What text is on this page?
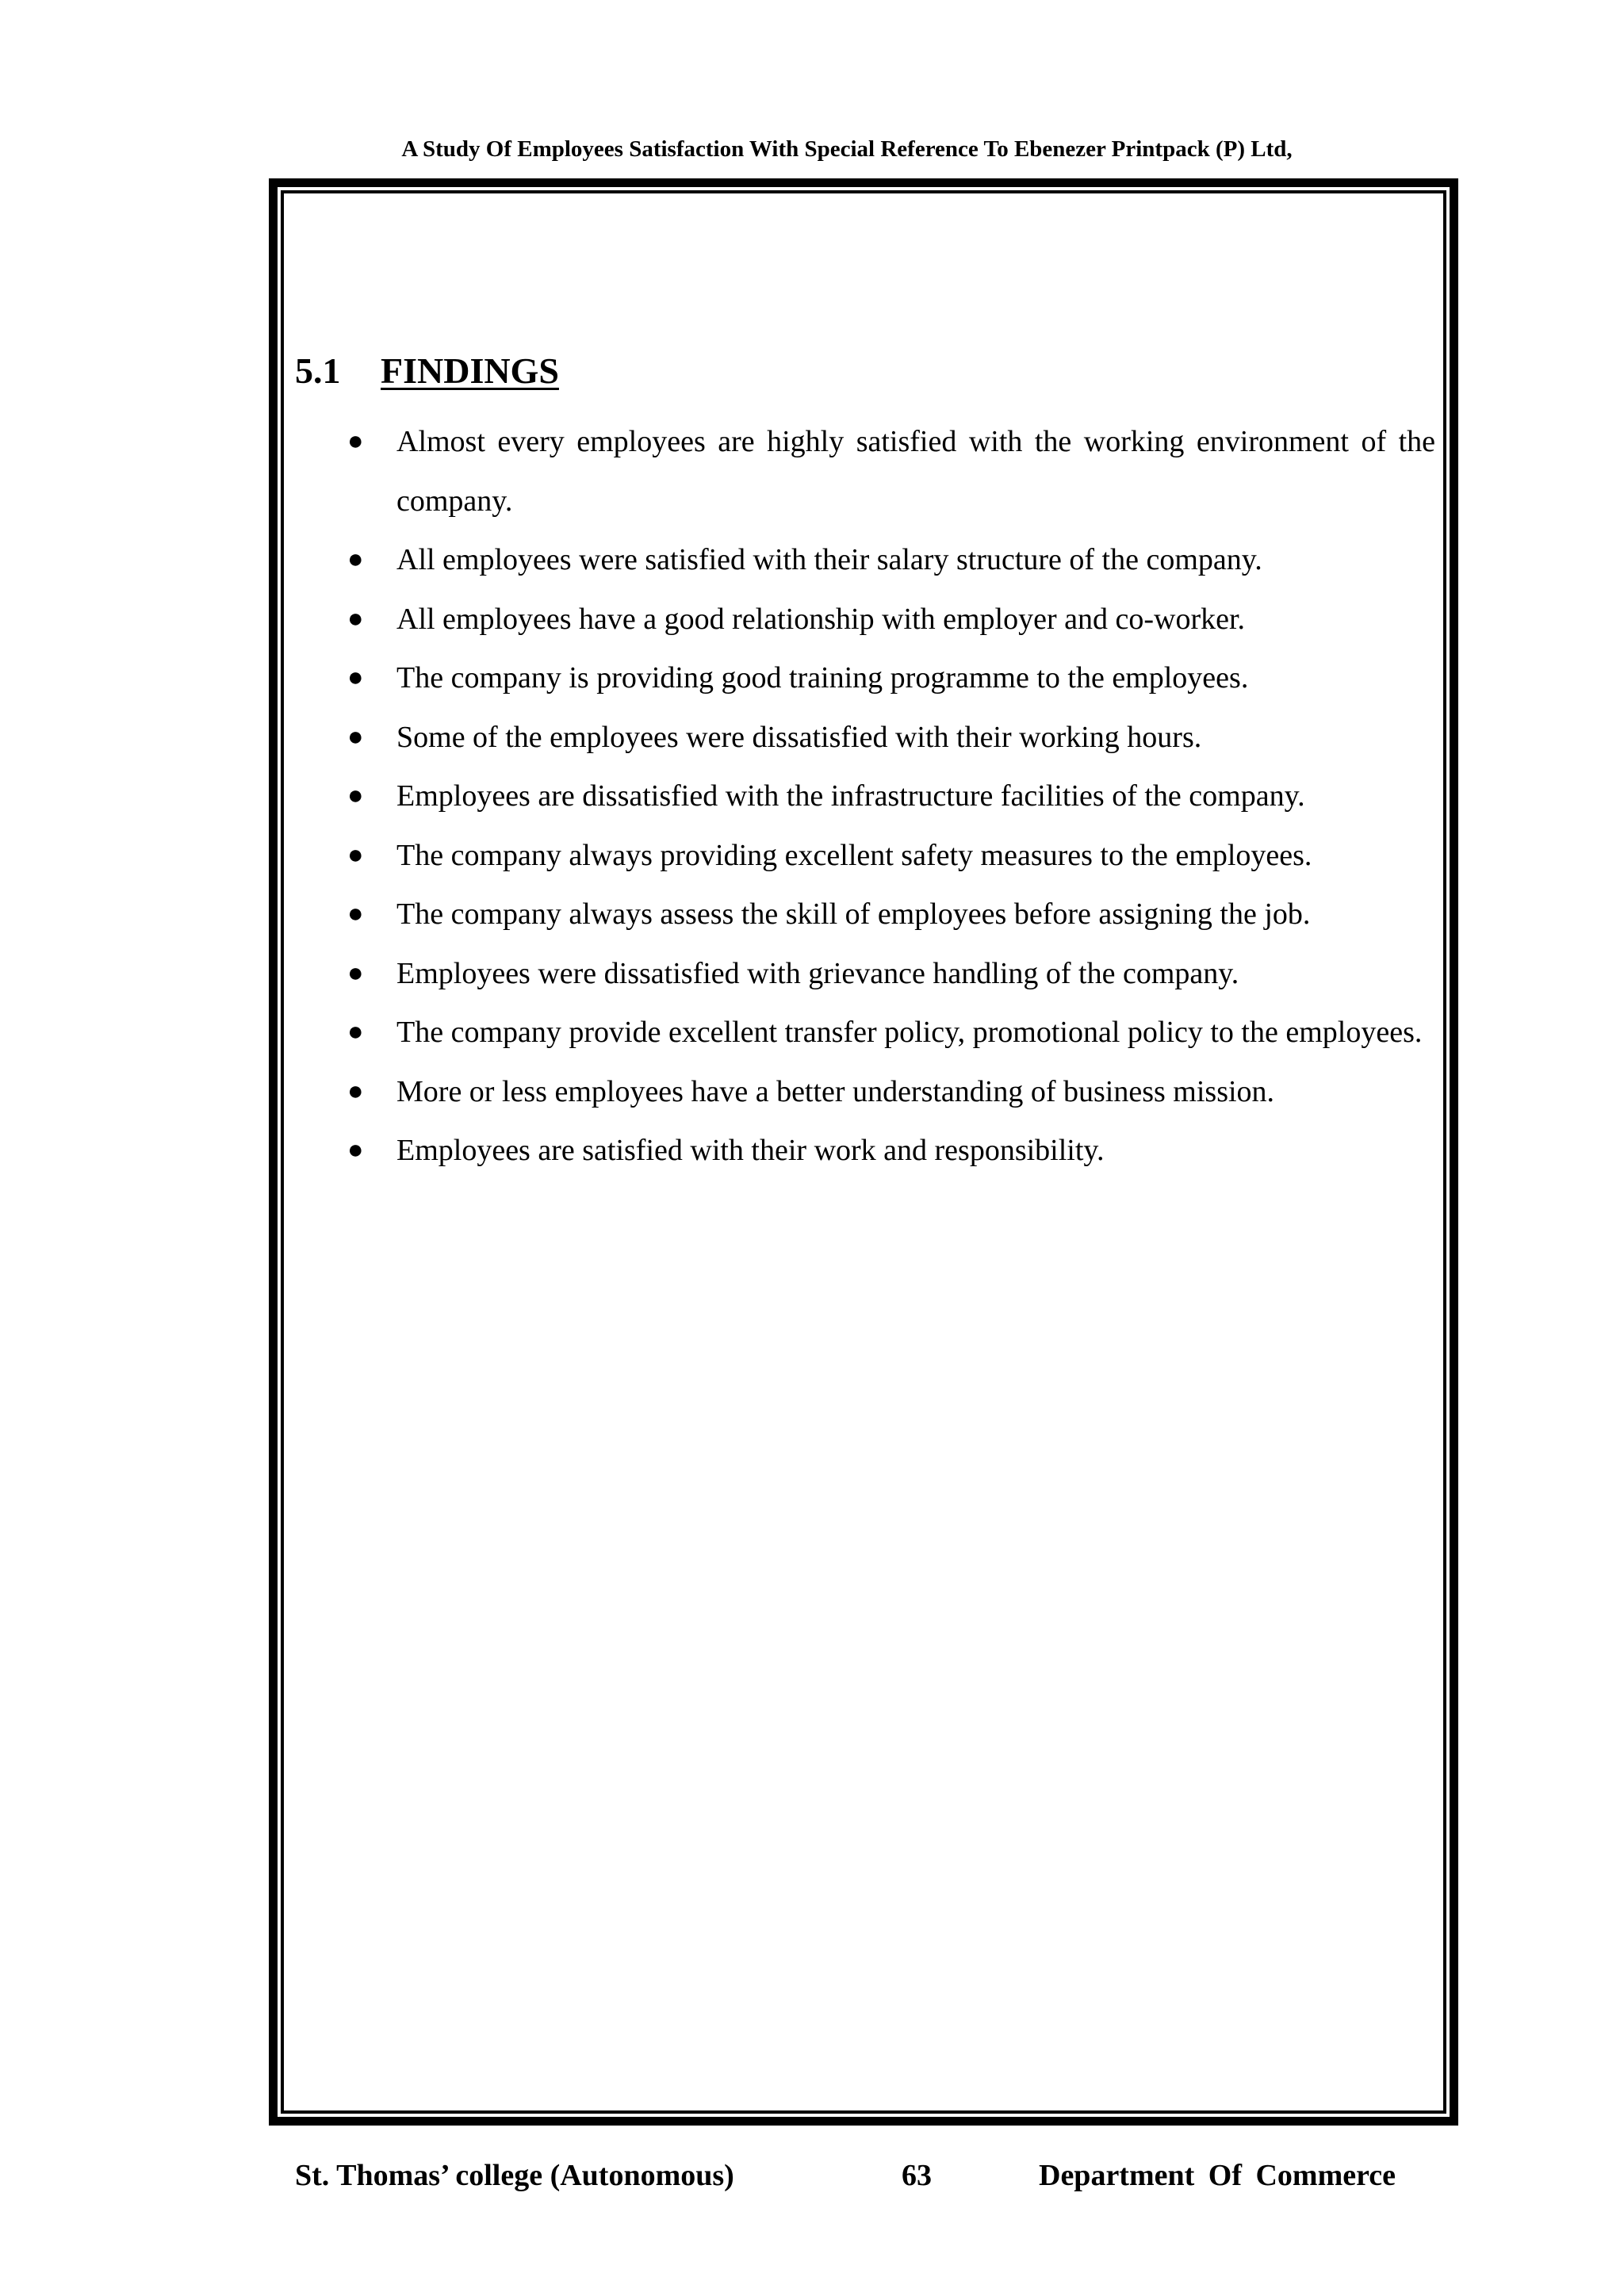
A Study Of Employees Satisfaction With Special Reference To Ebenezer Printpack (P) Ltd,
5.1 FINDINGS
● Almost every employees are highly satisfied with the working environment of the company.
● All employees were satisfied with their salary structure of the company.
● All employees have a good relationship with employer and co-worker.
● The company is providing good training programme to the employees.
● Some of the employees were dissatisfied with their working hours.
● Employees are dissatisfied with the infrastructure facilities of the company.
● The company always providing excellent safety measures to the employees.
● The company always assess the skill of employees before assigning the job.
● Employees were dissatisfied with grievance handling of the company.
● The company provide excellent transfer policy, promotional policy to the employees.
● More or less employees have a better understanding of business mission.
● Employees are satisfied with their work and responsibility.
St. Thomas’ college (Autonomous)	63	Department Of Commerce
